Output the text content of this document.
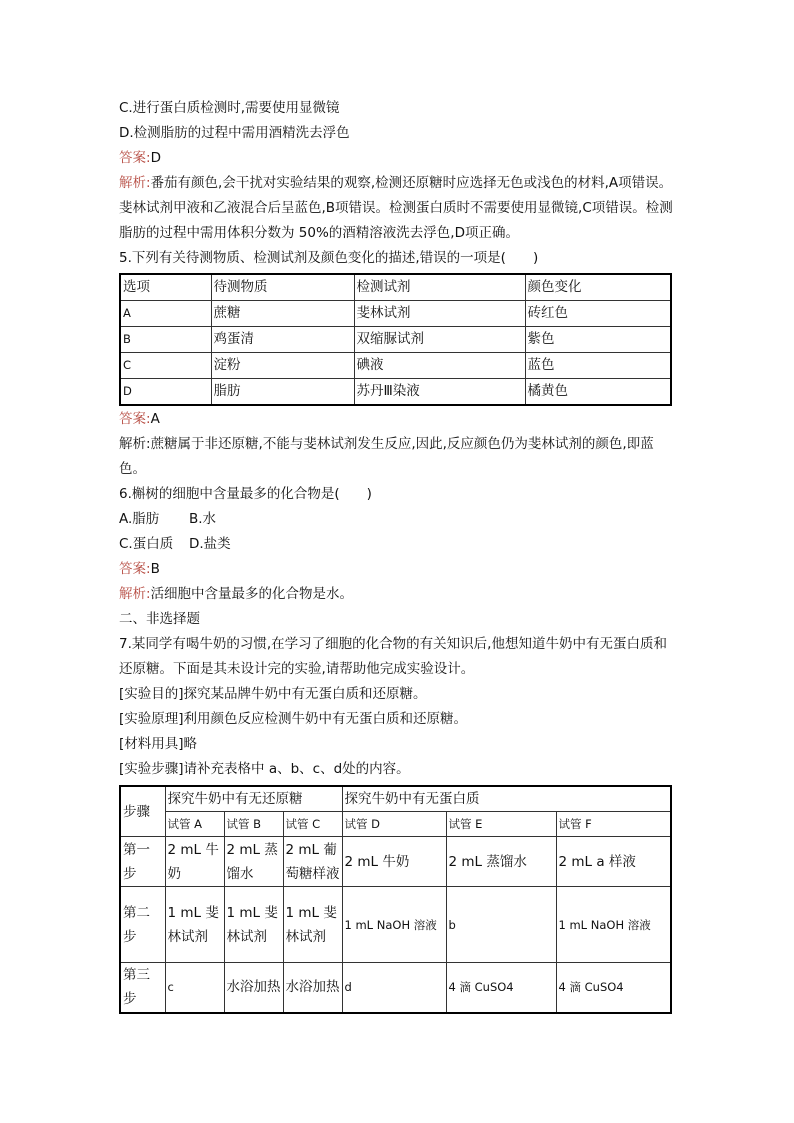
C.进行蛋白质检测时,需要使用显微镜
D.检测脂肪的过程中需用酒精洗去浮色
答案:D
解析:番茄有颜色,会干扰对实验结果的观察,检测还原糖时应选择无色或浅色的材料,A项错误。斐林试剂甲液和乙液混合后呈蓝色,B项错误。检测蛋白质时不需要使用显微镜,C项错误。检测脂肪的过程中需用体积分数为 50%的酒精溶液洗去浮色,D项正确。
5.下列有关待测物质、检测试剂及颜色变化的描述,错误的一项是(　　)
选项	待测物质	检测试剂	颜色变化
A	蔗糖	斐林试剂	砖红色
B	鸡蛋清	双缩脲试剂	紫色
C	淀粉	碘液	蓝色
D	脂肪	苏丹Ⅲ染液	橘黄色
答案:A
解析:蔗糖属于非还原糖,不能与斐林试剂发生反应,因此,反应颜色仍为斐林试剂的颜色,即蓝色。
6.槲树的细胞中含量最多的化合物是(　　)
A.脂肪 B.水
C.蛋白质 D.盐类
答案:B
解析:活细胞中含量最多的化合物是水。
二、非选择题
7.某同学有喝牛奶的习惯,在学习了细胞的化合物的有关知识后,他想知道牛奶中有无蛋白质和还原糖。下面是其未设计完的实验,请帮助他完成实验设计。
[实验目的]探究某品牌牛奶中有无蛋白质和还原糖。
[实验原理]利用颜色反应检测牛奶中有无蛋白质和还原糖。
[材料用具]略
[实验步骤]请补充表格中 a、b、c、d处的内容。
步骤	探究牛奶中有无还原糖			探究牛奶中有无蛋白质		
	试管 A	试管 B	试管 C	试管 D	试管 E	试管 F
第一步	2 mL 牛奶	2 mL 蒸馏水	2 mL 葡萄糖样液	2 mL 牛奶	2 mL 蒸馏水	2 mL a 样液
第二步	1 mL 斐林试剂	1 mL 斐林试剂	1 mL 斐林试剂	1 mL NaOH 溶液	b	1 mL NaOH 溶液
第三步	c	水浴加热	水浴加热	d	4 滴 CuSO4	4 滴 CuSO4
